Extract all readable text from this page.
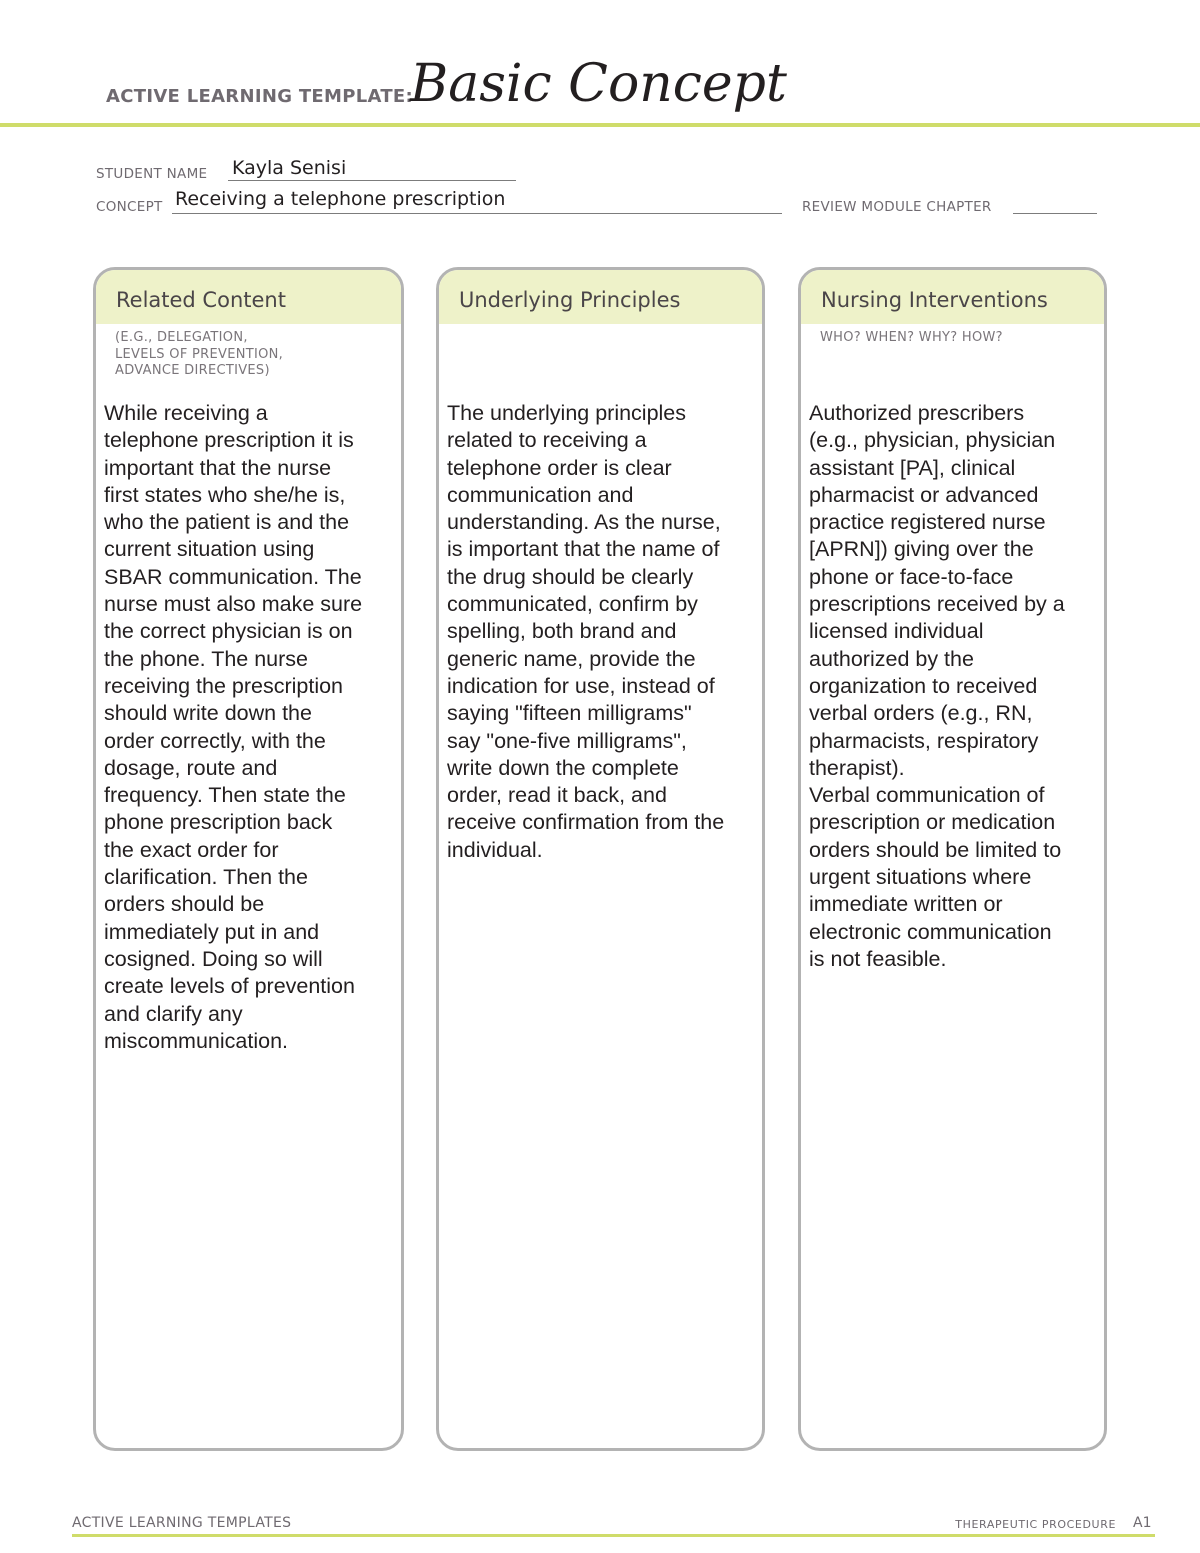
ACTIVE LEARNING TEMPLATE:
Basic Concept
STUDENT NAME Kayla Senisi
CONCEPT Receiving a telephone prescription	REVIEW MODULE CHAPTER
Related Content
(E.G., DELEGATION,
LEVELS OF PREVENTION,
ADVANCE DIRECTIVES)
While receiving a
telephone prescription it is
important that the nurse
first states who she/he is,
who the patient is and the
current situation using
SBAR communication. The
nurse must also make sure
the correct physician is on
the phone. The nurse
receiving the prescription
should write down the
order correctly, with the
dosage, route and
frequency. Then state the
phone prescription back
the exact order for
clarification. Then the
orders should be
immediately put in and
cosigned. Doing so will
create levels of prevention
and clarify any
miscommunication.
Underlying Principles
The underlying principles
related to receiving a
telephone order is clear
communication and
understanding. As the nurse,
is important that the name of
the drug should be clearly
communicated, confirm by
spelling, both brand and
generic name, provide the
indication for use, instead of
saying "fifteen milligrams"
say "one-five milligrams",
write down the complete
order, read it back, and
receive confirmation from the
individual.
Nursing Interventions
WHO? WHEN? WHY? HOW?
Authorized prescribers
(e.g., physician, physician
assistant [PA], clinical
pharmacist or advanced
practice registered nurse
[APRN]) giving over the
phone or face-to-face
prescriptions received by a
licensed individual
authorized by the
organization to received
verbal orders (e.g., RN,
pharmacists, respiratory
therapist).
Verbal communication of
prescription or medication
orders should be limited to
urgent situations where
immediate written or
electronic communication
is not feasible.
ACTIVE LEARNING TEMPLATES	THERAPEUTIC PROCEDURE A1
